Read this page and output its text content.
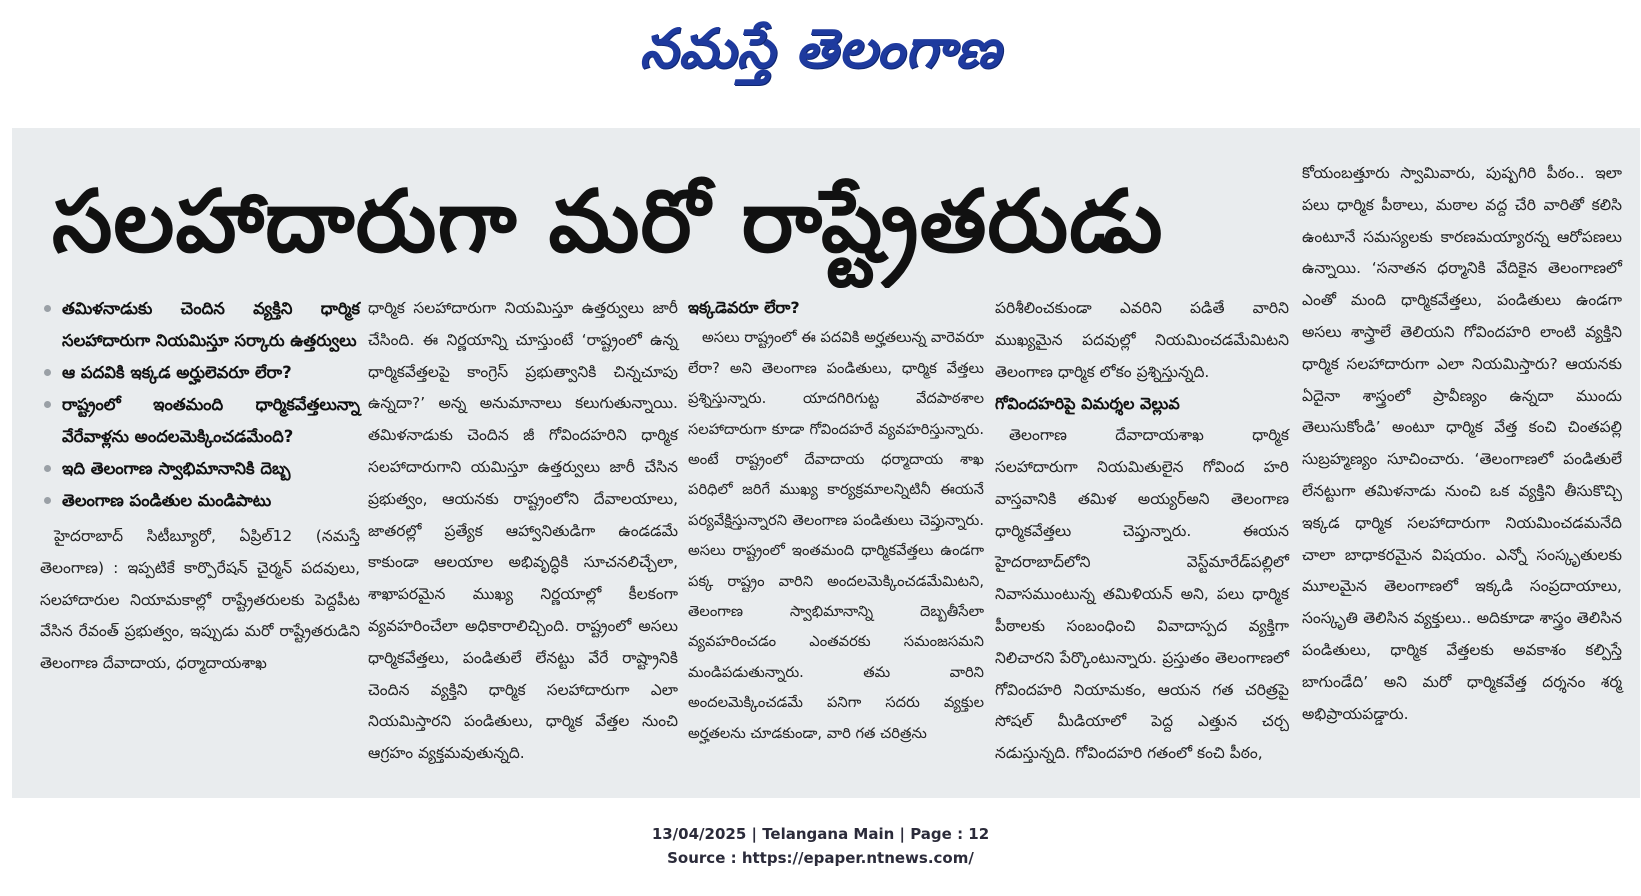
నమస్తే తెలంగాణ
సలహాదారుగా మరో రాష్ట్రేతరుడు
తమిళనాడుకు చెందిన వ్యక్తిని ధార్మిక సలహాదారుగా నియమిస్తూ సర్కారు ఉత్తర్వులు
ఆ పదవికి ఇక్కడ అర్హులెవరూ లేరా?
రాష్ట్రంలో ఇంతమంది ధార్మికవేత్తలున్నా వేరేవాళ్లను అందలమెక్కించడమేంది?
ఇది తెలంగాణ స్వాభిమానానికి దెబ్బ
తెలంగాణ పండితుల మండిపాటు

హైదరాబాద్ సిటీబ్యూరో, ఏప్రిల్12 (నమస్తే తెలంగాణ) : ఇప్పటికే కార్పొరేషన్ చైర్మన్ పదవులు, సలహాదారుల నియామకాల్లో రాష్ట్రేతరులకు పెద్దపీట వేసిన రేవంత్ ప్రభుత్వం, ఇప్పుడు మరో రాష్ట్రేతరుడిని తెలంగాణ దేవాదాయ, ధర్మాదాయశాఖ

ధార్మిక సలహాదారుగా నియమిస్తూ ఉత్తర్వులు జారీ చేసింది. ఈ నిర్ణయాన్ని చూస్తుంటే ‘రాష్ట్రంలో ఉన్న ధార్మికవేత్తలపై కాంగ్రెస్ ప్రభుత్వానికి చిన్నచూపు ఉన్నదా?’ అన్న అనుమానాలు కలుగుతున్నాయి. తమిళనాడుకు చెందిన జీ గోవిందహరిని ధార్మిక సలహాదారుగాని యమిస్తూ ఉత్తర్వులు జారీ చేసిన ప్రభుత్వం, ఆయనకు రాష్ట్రంలోని దేవాలయాలు, జాతరల్లో ప్రత్యేక ఆహ్వానితుడిగా ఉండడమే కాకుండా ఆలయాల అభివృద్ధికి సూచనలిచ్చేలా, శాఖాపరమైన ముఖ్య నిర్ణయాల్లో కీలకంగా వ్యవహరించేలా అధికారాలిచ్చింది. రాష్ట్రంలో అసలు ధార్మికవేత్తలు, పండితులే లేనట్టు వేరే రాష్ట్రానికి చెందిన వ్యక్తిని ధార్మిక సలహాదారుగా ఎలా నియమిస్తారని పండితులు, ధార్మిక వేత్తల నుంచి ఆగ్రహం వ్యక్తమవుతున్నది.

ఇక్కడెవరూ లేరా?

అసలు రాష్ట్రంలో ఈ పదవికి అర్హతలున్న వారెవరూ లేరా? అని తెలంగాణ పండితులు, ధార్మిక వేత్తలు ప్రశ్నిస్తున్నారు. యాదగిరిగుట్ట వేదపాఠశాల సలహాదారుగా కూడా గోవిందహరే వ్యవహరిస్తున్నారు. అంటే రాష్ట్రంలో దేవాదాయ ధర్మాదాయ శాఖ పరిధిలో జరిగే ముఖ్య కార్యక్రమాలన్నిటినీ ఈయనే పర్యవేక్షిస్తున్నారని తెలంగాణ పండితులు చెప్తున్నారు. అసలు రాష్ట్రంలో ఇంతమంది ధార్మికవేత్తలు ఉండగా పక్క రాష్ట్రం వారిని అందలమెక్కించడమేమిటని, తెలంగాణ స్వాభిమానాన్ని దెబ్బతీసేలా వ్యవహరించడం ఎంతవరకు సమంజసమని మండిపడుతున్నారు. తమ వారిని అందలమెక్కించడమే పనిగా సదరు వ్యక్తుల అర్హతలను చూడకుండా, వారి గత చరిత్రను

పరిశీలించకుండా ఎవరిని పడితే వారిని ముఖ్యమైన పదవుల్లో నియమించడమేమిటని తెలంగాణ ధార్మిక లోకం ప్రశ్నిస్తున్నది.

గోవిందహరిపై విమర్శల వెల్లువ

తెలంగాణ దేవాదాయశాఖ ధార్మిక సలహాదారుగా నియమితులైన గోవింద హరి వాస్తవానికి తమిళ అయ్యర్‌అని తెలంగాణ ధార్మికవేత్తలు చెప్తున్నారు. ఈయన హైదరాబాద్‌లోని వెస్ట్‌మారేడ్‌పల్లిలో నివాసముంటున్న తమిళియన్ అని, పలు ధార్మిక పీఠాలకు సంబంధించి వివాదాస్పద వ్యక్తిగా నిలిచారని పేర్కొంటున్నారు. ప్రస్తుతం తెలంగాణలో గోవిందహరి నియామకం, ఆయన గత చరిత్రపై సోషల్ మీడియాలో పెద్ద ఎత్తున చర్చ నడుస్తున్నది. గోవిందహరి గతంలో కంచి పీఠం,

కోయంబత్తూరు స్వామివారు, పుష్పగిరి పీఠం.. ఇలా పలు ధార్మిక పీఠాలు, మఠాల వద్ద చేరి వారితో కలిసి ఉంటూనే సమస్యలకు కారణమయ్యారన్న ఆరోపణలు ఉన్నాయి. ‘సనాతన ధర్మానికి వేదికైన తెలంగాణలో ఎంతో మంది ధార్మికవేత్తలు, పండితులు ఉండగా అసలు శాస్త్రాలే తెలియని గోవిందహరి లాంటి వ్యక్తిని ధార్మిక సలహాదారుగా ఎలా నియమిస్తారు? ఆయనకు ఏదైనా శాస్త్రంలో ప్రావీణ్యం ఉన్నదా ముందు తెలుసుకోండి’ అంటూ ధార్మిక వేత్త కంచి చింతపల్లి సుబ్రహ్మణ్యం సూచించారు. ‘తెలంగాణలో పండితులే లేనట్టుగా తమిళనాడు నుంచి ఒక వ్యక్తిని తీసుకొచ్చి ఇక్కడ ధార్మిక సలహాదారుగా నియమించడమనేది చాలా బాధాకరమైన విషయం. ఎన్నో సంస్కృతులకు మూలమైన తెలంగాణలో ఇక్కడి సంప్రదాయాలు, సంస్కృతి తెలిసిన వ్యక్తులు.. అదికూడా శాస్త్రం తెలిసిన పండితులు, ధార్మిక వేత్తలకు అవకాశం కల్పిస్తే బాగుండేది’ అని మరో ధార్మికవేత్త దర్శనం శర్మ అభిప్రాయపడ్డారు.

13/04/2025 | Telangana Main | Page : 12
Source : https://epaper.ntnews.com/
